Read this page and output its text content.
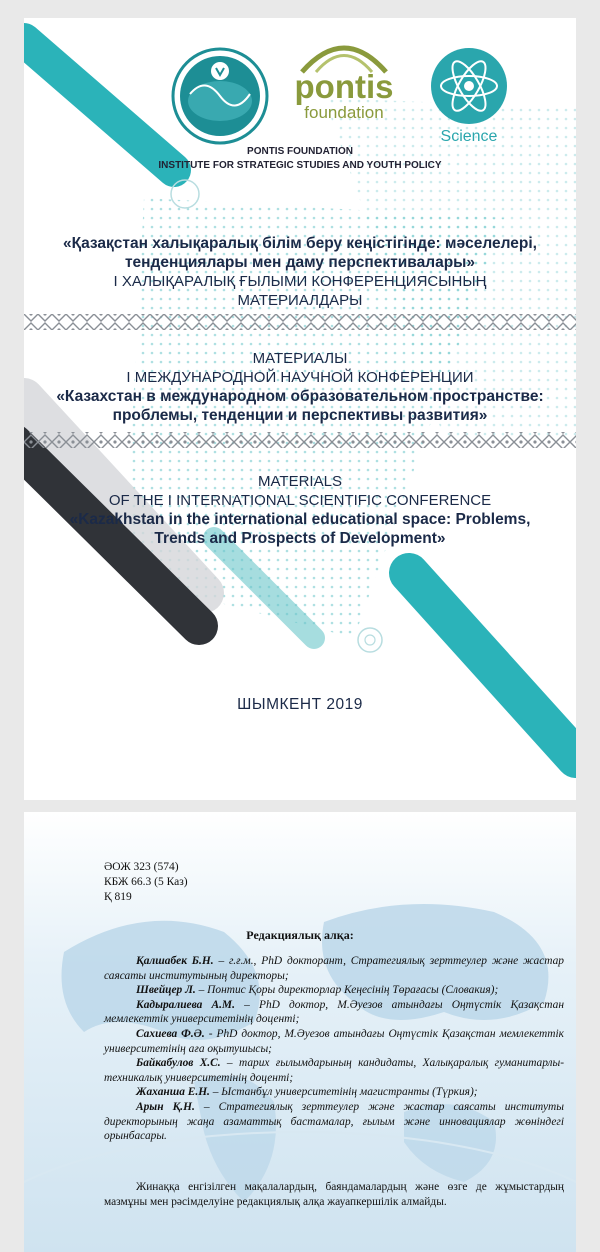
pontis
foundation
Science
PONTIS FOUNDATION
INSTITUTE FOR STRATEGIC STUDIES AND YOUTH POLICY
«Қазақстан халықаралық білім беру кеңістігінде: мәселелері,
тенденциялары мен даму перспективалары»
I ХАЛЫҚАРАЛЫҚ ҒЫЛЫМИ КОНФЕРЕНЦИЯСЫНЫҢ
МАТЕРИАЛДАРЫ
МАТЕРИАЛЫ
I МЕЖДУНАРОДНОЙ НАУЧНОЙ КОНФЕРЕНЦИИ
«Казахстан в международном образовательном пространстве:
проблемы, тенденции и перспективы развития»
MATERIALS
OF THE I INTERNATIONAL SCIENTIFIC CONFERENCE
«Kazakhstan in the international educational space: Problems,
Trends and Prospects of Development»
ШЫМКЕНТ 2019
ӘОЖ 323 (574)
КБЖ 66.3 (5 Каз)
Қ 819
Редакциялық алқа:

Қалшабек Б.Н. – г.ғ.м., PhD докторант, Стратегиялық зерттеулер және жастар саясаты институтының директоры;

Швейцер Л. – Понтис Қоры директорлар Кеңесінің Төрағасы (Словакия);

Кадыралиева А.М. – PhD доктор, М.Әуезов атындағы Оңтүстік Қазақстан мемлекеттік университетінің доценті;

Сахиева Ф.Ә. - PhD доктор, М.Әуезов атындағы Оңтүстік Қазақстан мемлекеттік университетінің аға оқытушысы;

Байкабулов Х.С. – тарих ғылымдарының кандидаты, Халықаралық гуманитарлы-техникалық университетінің доценті;

Жаханша Е.Н. – Ыстанбұл университетінің магистранты (Түркия);

Арын Қ.Н. – Стратегиялық зерттеулер және жастар саясаты институты директорының жаңа азаматтық бастамалар, ғылым және инновациялар жөніндегі орынбасары.

Жинаққа енгізілген мақалалардың, баяндамалардың және өзге де жұмыстардың мазмұны мен рәсімделуіне редакциялық алқа жауапкершілік алмайды.
